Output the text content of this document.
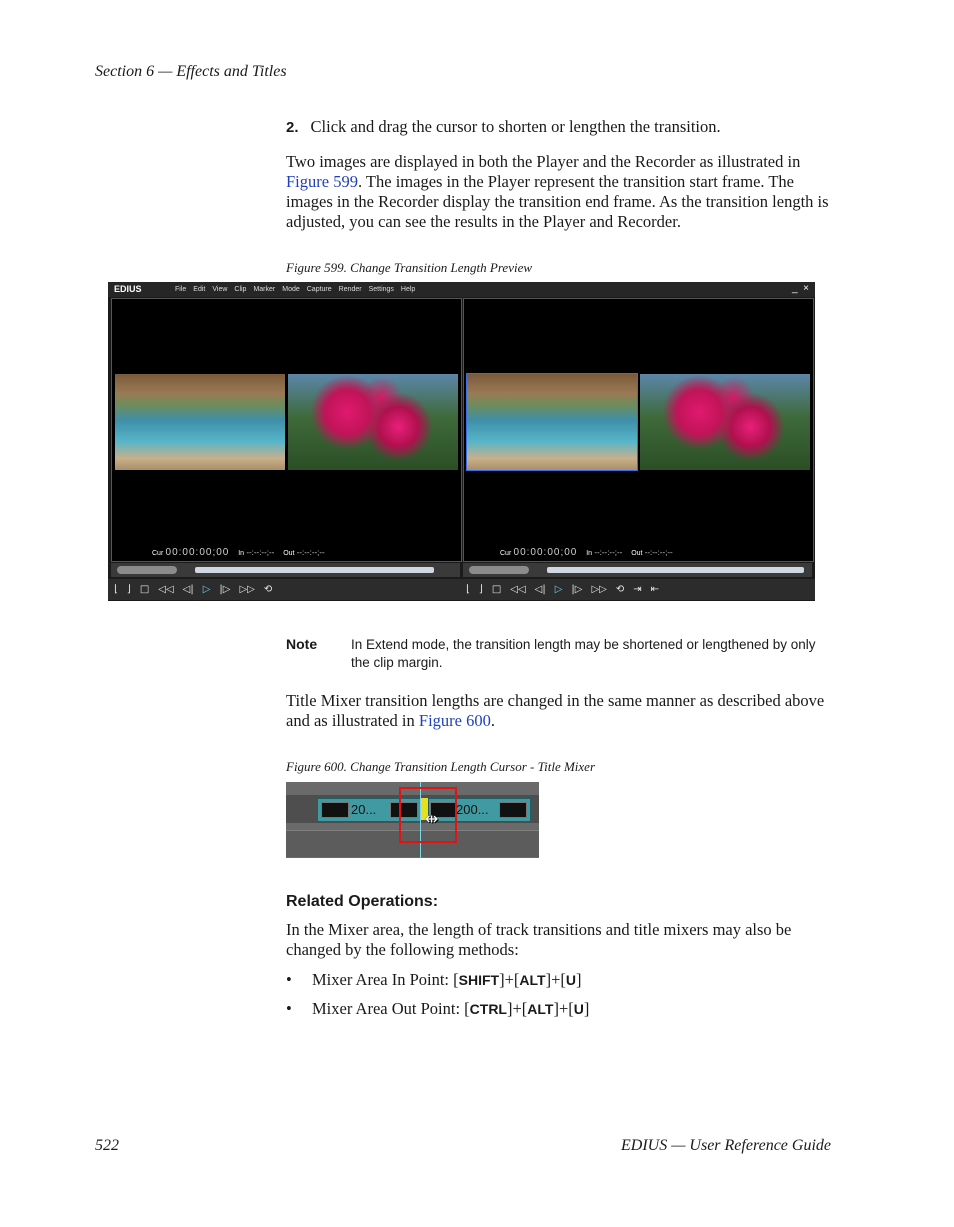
Section 6 — Effects and Titles
2. Click and drag the cursor to shorten or lengthen the transition.
Two images are displayed in both the Player and the Recorder as illustrated in Figure 599. The images in the Player represent the transition start frame. The images in the Recorder display the transition end frame. As the transition length is adjusted, you can see the results in the Player and Recorder.
Figure 599. Change Transition Length Preview
EDIUS	File Edit View Clip Marker Mode Capture Render Settings Help	_ ×
Cur 00:00:00;00 In --:--:--;-- Out --:--:--;--	Cur 00:00:00;00 In --:--:--;-- Out --:--:--;--
⌊ ⌋ □ ◁◁ ◁| ▷ |▷ ▷▷ ⟲	⌊ ⌋ □ ◁◁ ◁| ▷ |▷ ▷▷ ⟲ ⇥ ⇤
Note	In Extend mode, the transition length may be shortened or lengthened by only the clip margin.
Title Mixer transition lengths are changed in the same manner as described above and as illustrated in Figure 600.
Figure 600. Change Transition Length Cursor - Title Mixer
20...	200...
⇹
Related Operations:
In the Mixer area, the length of track transitions and title mixers may also be changed by the following methods:
• Mixer Area In Point: [SHIFT]+[ALT]+[U]
• Mixer Area Out Point: [CTRL]+[ALT]+[U]
522	EDIUS — User Reference Guide
